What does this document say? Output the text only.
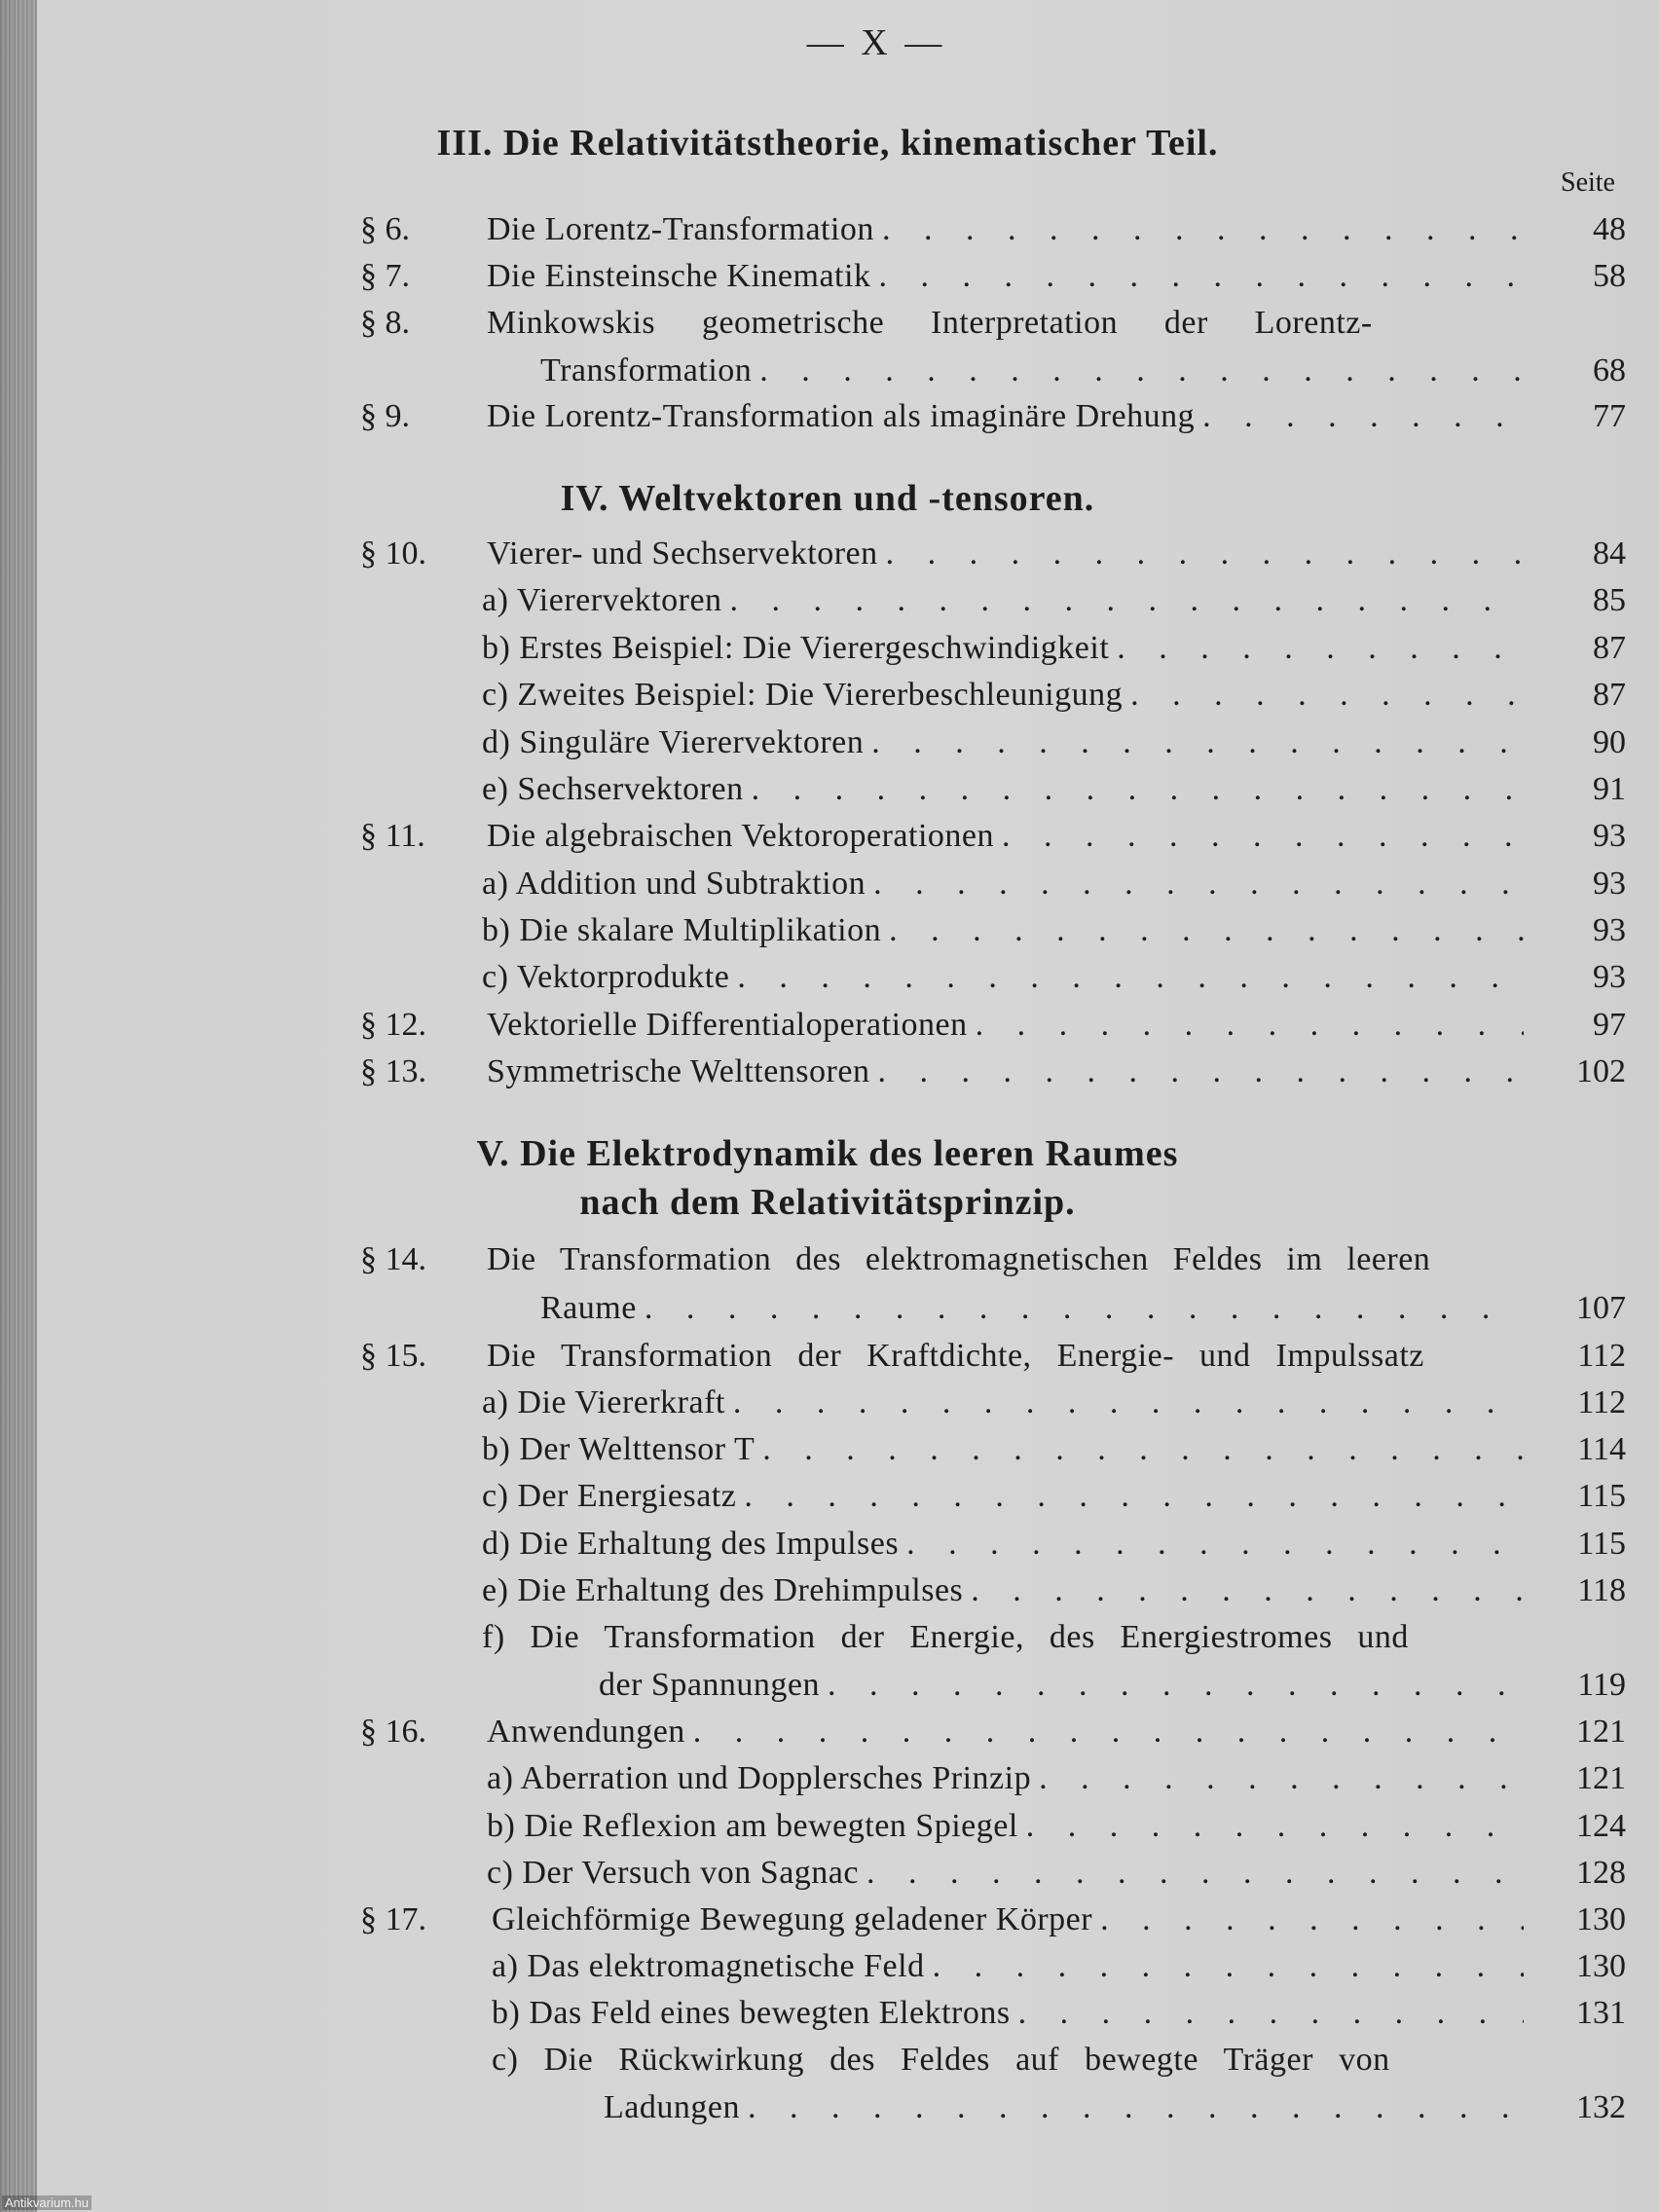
— X —
III. Die Relativitätstheorie, kinematischer Teil.
Seite
§ 6.	Die Lorentz-Transformation . . .	48
§ 7.	Die Einsteinsche Kinematik . . .	58
§ 8.	Minkowskis geometrische Interpretation der Lorentz-
Transformation . . .	68
§ 9.	Die Lorentz-Transformation als imaginäre Drehung . . .	77
IV. Weltvektoren und -tensoren.
§ 10.	Vierer- und Sechservektoren . . .	84
a) Vierervektoren . . .	85
b) Erstes Beispiel: Die Vierergeschwindigkeit . . .	87
c) Zweites Beispiel: Die Viererbeschleunigung . . .	87
d) Singuläre Vierervektoren . . .	90
e) Sechservektoren . . .	91
§ 11.	Die algebraischen Vektoroperationen . . .	93
a) Addition und Subtraktion . . .	93
b) Die skalare Multiplikation . . .	93
c) Vektorprodukte . . .	93
§ 12.	Vektorielle Differentialoperationen . . .	97
§ 13.	Symmetrische Welttensoren . . .	102
V. Die Elektrodynamik des leeren Raumes
nach dem Relativitätsprinzip.
§ 14.	Die Transformation des elektromagnetischen Feldes im leeren
Raume . . .	107
§ 15.	Die Transformation der Kraftdichte, Energie- und Impulssatz	112
a) Die Viererkraft . . .	112
b) Der Welttensor T . . .	114
c) Der Energiesatz . . .	115
d) Die Erhaltung des Impulses . . .	115
e) Die Erhaltung des Drehimpulses . . .	118
f) Die Transformation der Energie, des Energiestromes und
der Spannungen . . .	119
§ 16.	Anwendungen . . .	121
a) Aberration und Dopplersches Prinzip . . .	121
b) Die Reflexion am bewegten Spiegel . . .	124
c) Der Versuch von Sagnac . . .	128
§ 17.	Gleichförmige Bewegung geladener Körper . . .	130
a) Das elektromagnetische Feld . . .	130
b) Das Feld eines bewegten Elektrons . . .	131
c) Die Rückwirkung des Feldes auf bewegte Träger von
Ladungen . . .	132
Antikvarium.hu
